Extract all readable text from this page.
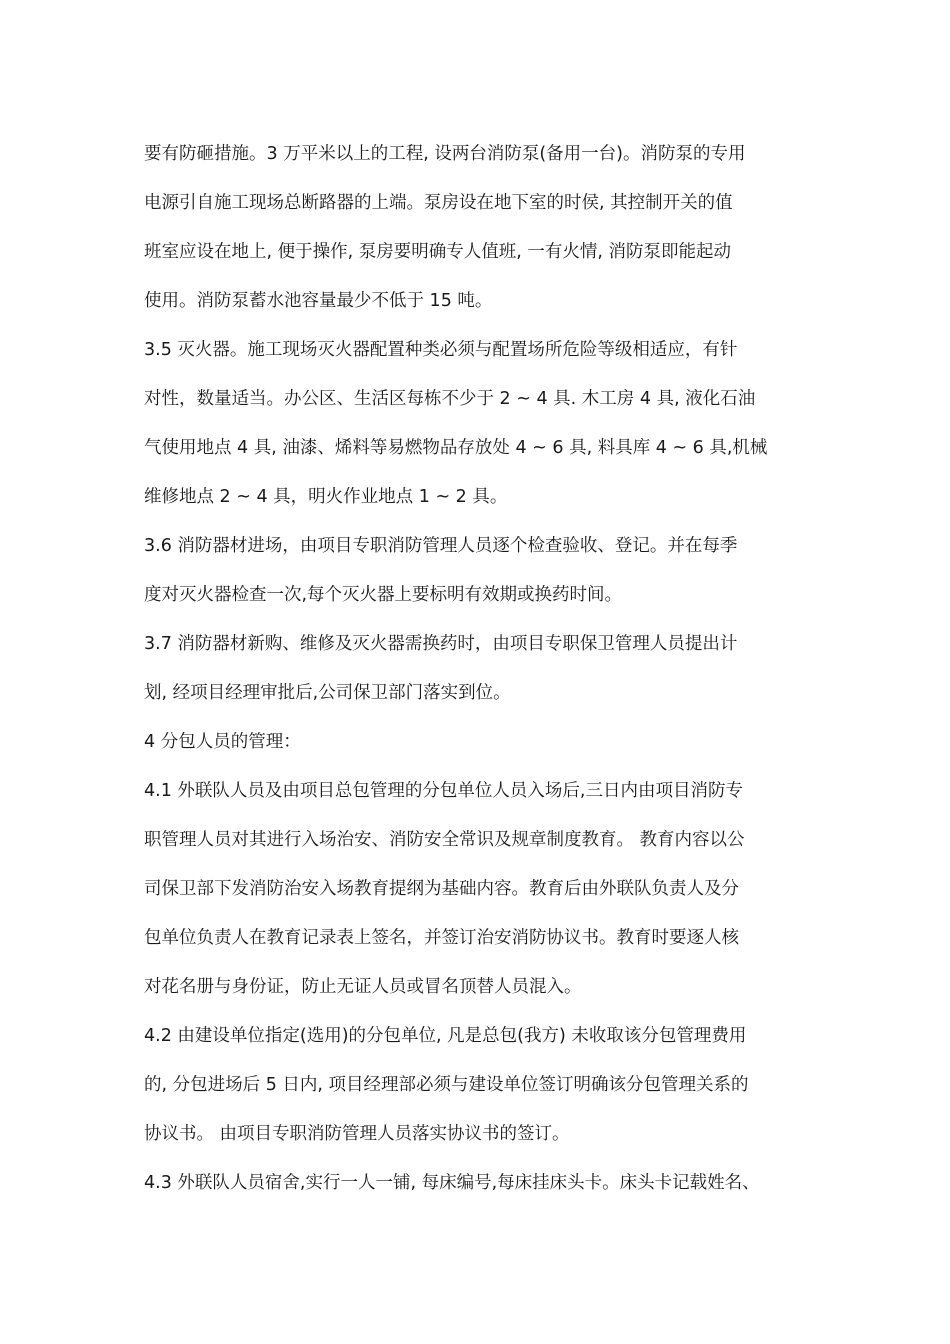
要有防砸措施。3 万平米以上的工程, 设两台消防泵(备用一台)。消防泵的专用
电源引自施工现场总断路器的上端。泵房设在地下室的时侯, 其控制开关的值
班室应设在地上, 便于操作, 泵房要明确专人值班, 一有火情, 消防泵即能起动
使用。消防泵蓄水池容量最少不低于 15 吨。
3.5 灭火器。施工现场灭火器配置种类必须与配置场所危险等级相适应，有针
对性，数量适当。办公区、生活区每栋不少于 2 ~ 4 具. 木工房 4 具, 液化石油
气使用地点 4 具, 油漆、烯料等易燃物品存放处 4 ~ 6 具, 料具库 4 ~ 6 具,机械
维修地点 2 ~ 4 具，明火作业地点 1 ~ 2 具。
3.6 消防器材进场，由项目专职消防管理人员逐个检查验收、登记。并在每季
度对灭火器检查一次,每个灭火器上要标明有效期或换药时间。
3.7 消防器材新购、维修及灭火器需换药时，由项目专职保卫管理人员提出计
划, 经项目经理审批后,公司保卫部门落实到位。
4 分包人员的管理：
4.1 外联队人员及由项目总包管理的分包单位人员入场后,三日内由项目消防专
职管理人员对其进行入场治安、消防安全常识及规章制度教育。 教育内容以公
司保卫部下发消防治安入场教育提纲为基础内容。教育后由外联队负责人及分
包单位负责人在教育记录表上签名，并签订治安消防协议书。教育时要逐人核
对花名册与身份证，防止无证人员或冒名顶替人员混入。
4.2 由建设单位指定(选用)的分包单位, 凡是总包(我方) 未收取该分包管理费用
的, 分包进场后 5 日内, 项目经理部必须与建设单位签订明确该分包管理关系的
协议书。 由项目专职消防管理人员落实协议书的签订。
4.3 外联队人员宿舍,实行一人一铺, 每床编号,每床挂床头卡。床头卡记载姓名、
